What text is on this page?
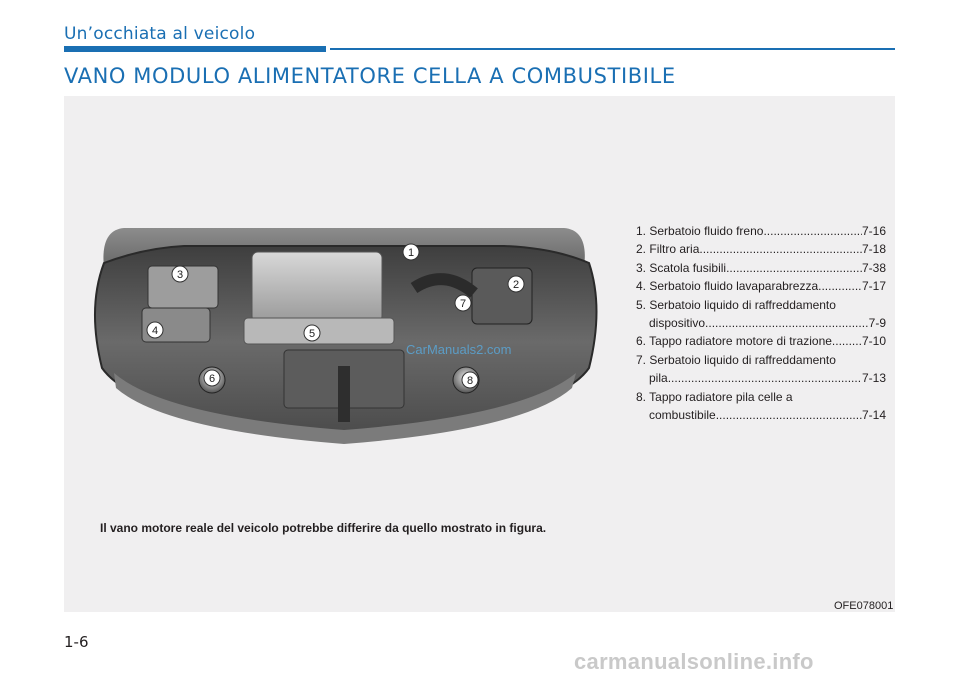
Un’occhiata al veicolo
VANO MODULO ALIMENTATORE CELLA A COMBUSTIBILE
1
2
3
4	5
6
7
8
CarManuals2.com
1. Serbatoio fluido freno .....	7-16
2. Filtro aria .....	7-18
3. Scatola fusibili .....	7-38
4. Serbatoio fluido lavaparabrezza .....	7-17
5. Serbatoio liquido di raffreddamento
dispositivo .....	7-9
6. Tappo radiatore motore di trazione .....	7-10
7. Serbatoio liquido di raffreddamento
pila .....	7-13
8. Tappo radiatore pila celle a
combustibile .....	7-14
Il vano motore reale del veicolo potrebbe differire da quello mostrato in figura.
OFE078001
1-6
carmanualsonline.info
